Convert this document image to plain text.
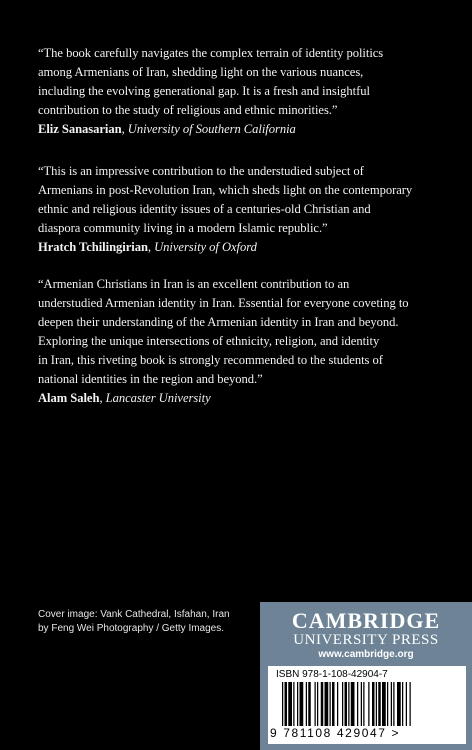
“The book carefully navigates the complex terrain of identity politics

among Armenians of Iran, shedding light on the various nuances,

including the evolving generational gap. It is a fresh and insightful

contribution to the study of religious and ethnic minorities.”

Eliz Sanasarian, University of Southern California

“This is an impressive contribution to the understudied subject of

Armenians in post-Revolution Iran, which sheds light on the contemporary

ethnic and religious identity issues of a centuries-old Christian and

diaspora community living in a modern Islamic republic.”

Hratch Tchilingirian, University of Oxford

“Armenian Christians in Iran is an excellent contribution to an

understudied Armenian identity in Iran. Essential for everyone coveting to

deepen their understanding of the Armenian identity in Iran and beyond.

Exploring the unique intersections of ethnicity, religion, and identity

in Iran, this riveting book is strongly recommended to the students of

national identities in the region and beyond.”

Alam Saleh, Lancaster University

Cover image: Vank Cathedral, Isfahan, Iran
by Feng Wei Photography / Getty Images.	CAMBRIDGE
UNIVERSITY PRESS
www.cambridge.org
ISBN 978-1-108-42904-7
9 781108 429047 >
